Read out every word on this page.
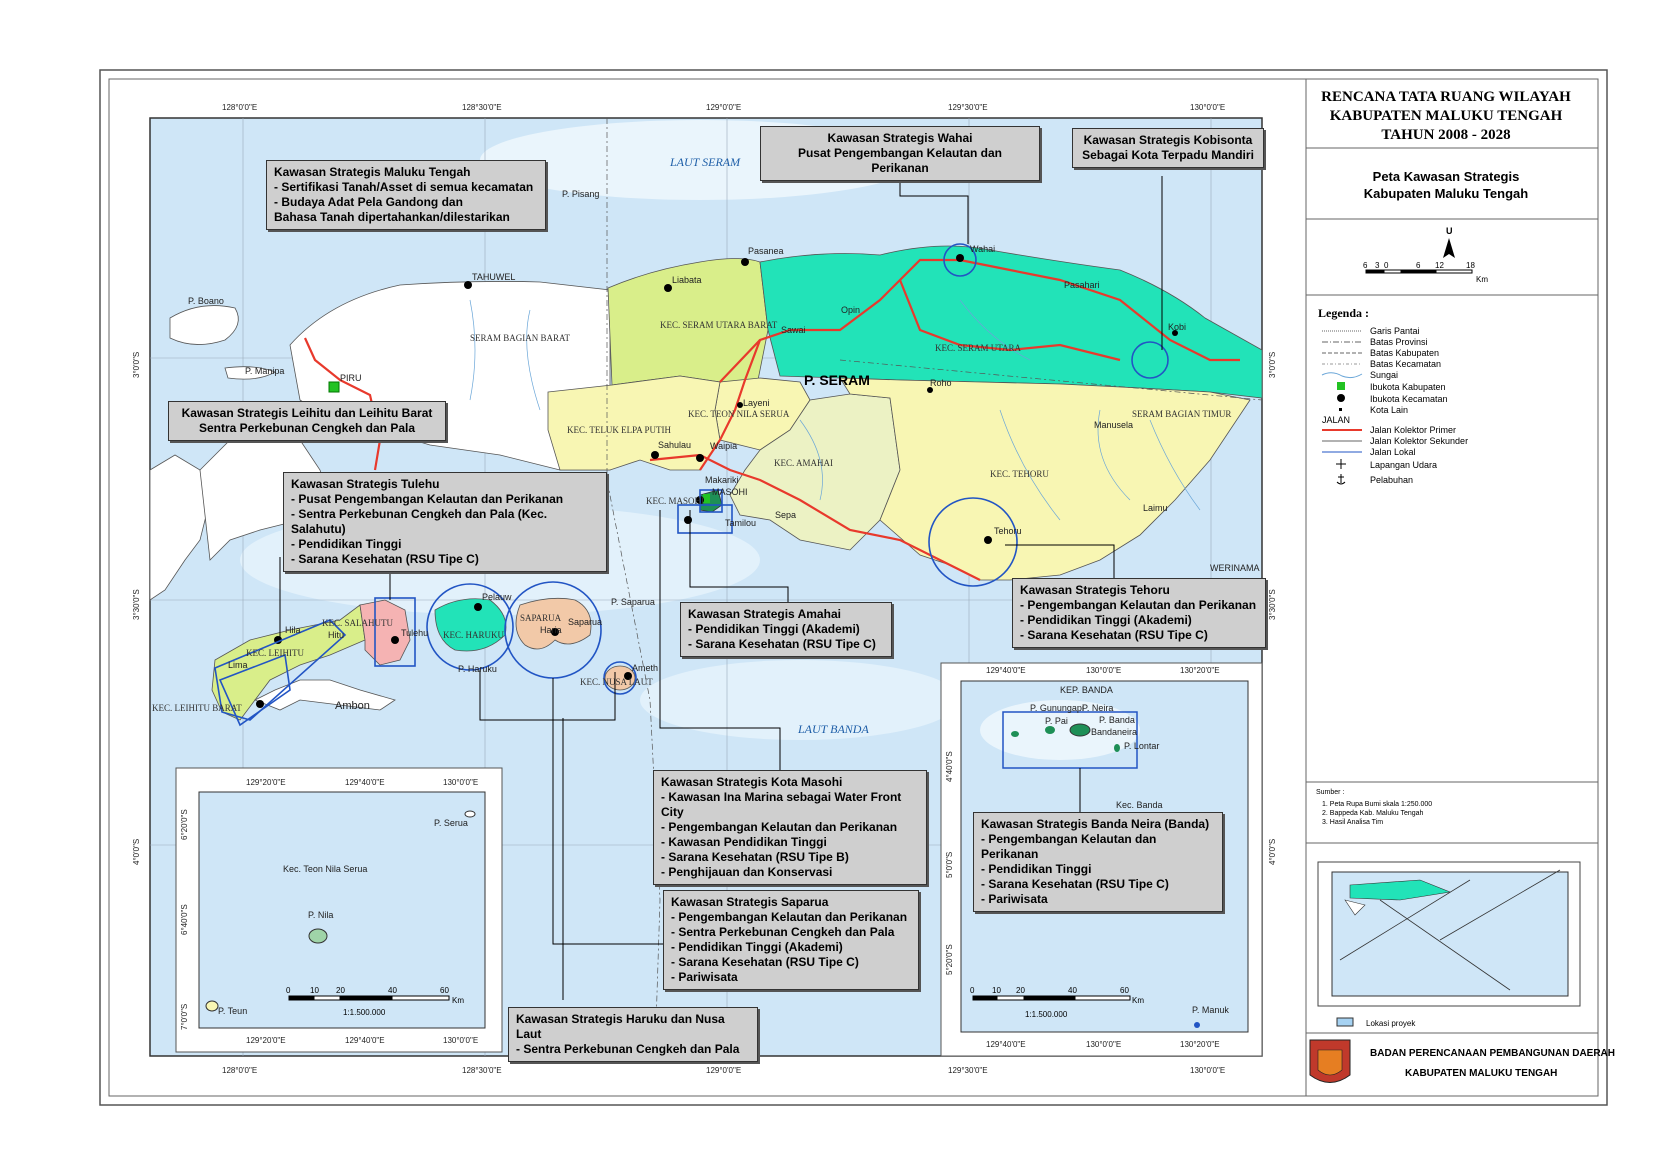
RENCANA TATA RUANG WILAYAH
KABUPATEN MALUKU TENGAH
TAHUN 2008 - 2028
Peta Kawasan Strategis
Kabupaten Maluku Tengah
U
6 3 0	6 12	18
Km
Legenda :
Garis Pantai
Batas Provinsi
Batas Kabupaten
Batas Kecamatan
Sungai
Ibukota Kabupaten
Ibukota Kecamatan
Kota Lain
JALAN
Jalan Kolektor Primer
Jalan Kolektor Sekunder
Jalan Lokal
Lapangan Udara
Pelabuhan
Sumber :
1. Peta Rupa Bumi skala 1:250.000
2. Bappeda Kab. Maluku Tengah
3. Hasil Analisa Tim
Lokasi proyek
BADAN PERENCANAAN PEMBANGUNAN DAERAH
KABUPATEN MALUKU TENGAH
128°0'0"E	128°30'0"E	129°0'0"E	129°30'0"E	130°0'0"E
128°0'0"E	128°30'0"E	129°0'0"E	129°30'0"E	130°0'0"E
3°0'0"S
3°30'0"S
4°0'0"S
3°0'0"S
3°30'0"S
4°0'0"S
LAUT SERAM
LAUT BANDA
P. SERAM
KEC. SERAM UTARA BARAT
KEC. SERAM UTARA
KEC. TEON NILA SERUA
KEC. TELUK ELPA PUTIH
KEC. AMAHAI
KEC. TEHORU
KEC. SALAHUTU
KEC. LEIHITU
KEC. LEIHITU BARAT
KEC. HARUKU
SAPARUA
KEC. NUSA LAUT
KEC. MASOHI
SERAM BAGIAN BARAT
SERAM BAGIAN TIMUR
P. Boano
P. Manipa
P. Pisang
TAHUWEL
PIRU
Liabata
Pasanea
Sawai
Wahai
Pasahari
Kobi
Opin
Roho
Layeni
Waipia
Makariki
MASOHI
Sahulau
Tamilou
Sepa
Tehoru
Laimu
Manusela
WERINAMA
Hila	Hitu	Tulehu
Lima
Ambon
Pelauw
P. Haruku
Haria
Saparua
P. Saparua
Ameth
KEP. BANDA
P. Gunungapi
P. Neira
P. Pai	P. Banda
Bandaneira
P. Lontar
Kec. Banda
P. Manuk
129°40'0"E	130°0'0"E	130°20'0"E
129°40'0"E	130°0'0"E	130°20'0"E
4°40'0"S
5°0'0"S
5°20'0"S
0 10 20	40	60
Km
1:1.500.000
Kec. Teon Nila Serua
P. Serua
P. Nila
P. Teun
129°20'0"E	129°40'0"E	130°0'0"E
129°20'0"E	129°40'0"E	130°0'0"E
6°20'0"S
6°40'0"S
7°0'0"S
0 10 20	40	60
Km
1:1.500.000
Kawasan Strategis Maluku Tengah
- Sertifikasi Tanah/Asset di semua kecamatan
- Budaya Adat Pela Gandong dan
Bahasa Tanah dipertahankan/dilestarikan
Kawasan Strategis Wahai
Pusat Pengembangan Kelautan dan Perikanan
Kawasan Strategis Kobisonta
Sebagai Kota Terpadu Mandiri
Kawasan Strategis Leihitu dan Leihitu Barat
Sentra Perkebunan Cengkeh dan Pala
Kawasan Strategis Tulehu
- Pusat Pengembangan Kelautan dan Perikanan
- Sentra Perkebunan Cengkeh dan Pala (Kec. Salahutu)
- Pendidikan Tinggi
- Sarana Kesehatan (RSU Tipe C)
Kawasan Strategis Amahai
- Pendidikan Tinggi (Akademi)
- Sarana Kesehatan (RSU Tipe C)
Kawasan Strategis Tehoru
- Pengembangan Kelautan dan Perikanan
- Pendidikan Tinggi (Akademi)
- Sarana Kesehatan (RSU Tipe C)
Kawasan Strategis Kota Masohi
- Kawasan Ina Marina sebagai Water Front City
- Pengembangan Kelautan dan Perikanan
- Kawasan Pendidikan Tinggi
- Sarana Kesehatan (RSU Tipe B)
- Penghijauan dan Konservasi
Kawasan Strategis Banda Neira (Banda)
- Pengembangan Kelautan dan Perikanan
- Pendidikan Tinggi
- Sarana Kesehatan (RSU Tipe C)
- Pariwisata
Kawasan Strategis Saparua
- Pengembangan Kelautan dan Perikanan
- Sentra Perkebunan Cengkeh dan Pala
- Pendidikan Tinggi (Akademi)
- Sarana Kesehatan (RSU Tipe C)
- Pariwisata
Kawasan Strategis Haruku dan Nusa Laut
- Sentra Perkebunan Cengkeh dan Pala
